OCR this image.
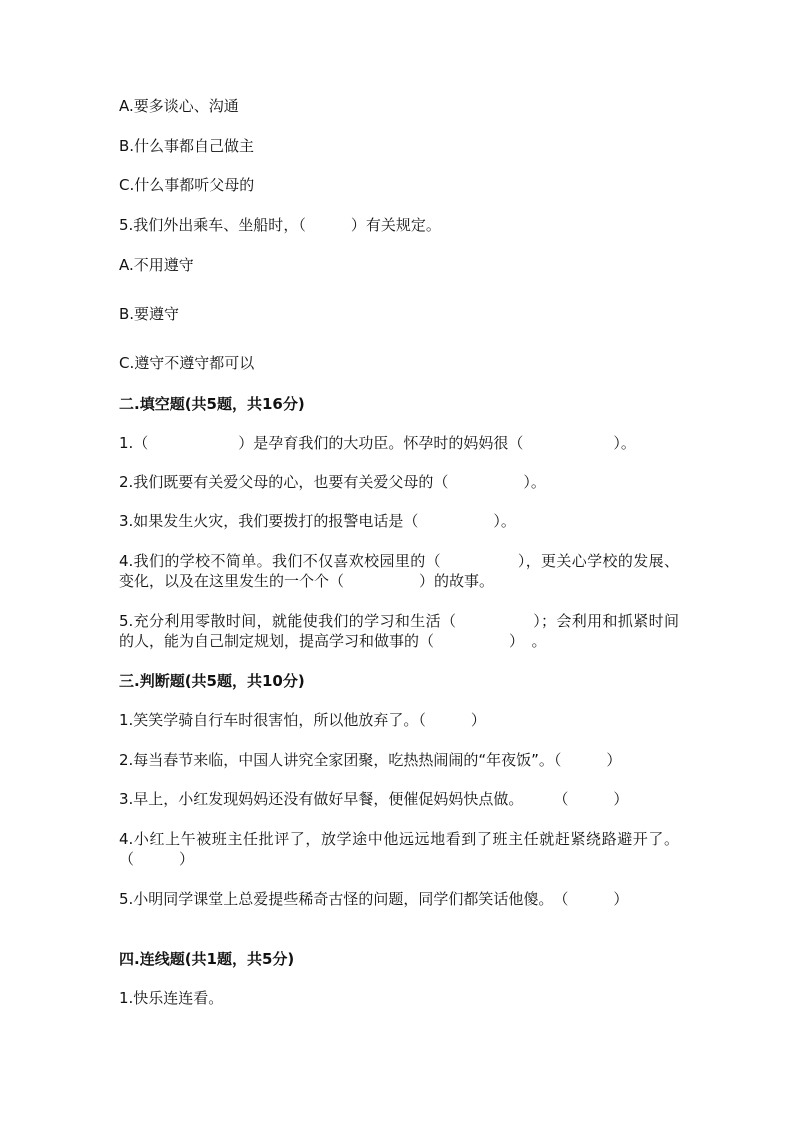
A.要多谈心、沟通
B.什么事都自己做主
C.什么事都听父母的
5.我们外出乘车、坐船时，（　　　）有关规定。
A.不用遵守
B.要遵守
C.遵守不遵守都可以
二.填空题(共5题，共16分)
1.（　　　　　　）是孕育我们的大功臣。怀孕时的妈妈很（　　　　　　）。
2.我们既要有关爱父母的心，也要有关爱父母的（　　　　　）。
3.如果发生火灾，我们要拨打的报警电话是（　　　　　）。
4.我们的学校不简单。我们不仅喜欢校园里的（　　　　　），更关心学校的发展、变化，以及在这里发生的一个个（　　　　　）的故事。
5.充分利用零散时间，就能使我们的学习和生活（　　　　　）；会利用和抓紧时间的人，能为自己制定规划，提高学习和做事的（　　　　　）　。
三.判断题(共5题，共10分)
1.笑笑学骑自行车时很害怕，所以他放弃了。（　　　）
2.每当春节来临，中国人讲究全家团聚，吃热热闹闹的“年夜饭”。（　　　）
3.早上，小红发现妈妈还没有做好早餐，便催促妈妈快点做。　　　（　　　）
4.小红上午被班主任批评了，放学途中他远远地看到了班主任就赶紧绕路避开了。（　　　）
5.小明同学课堂上总爱提些稀奇古怪的问题，同学们都笑话他傻。　（　　　）
四.连线题(共1题，共5分)
1.快乐连连看。
